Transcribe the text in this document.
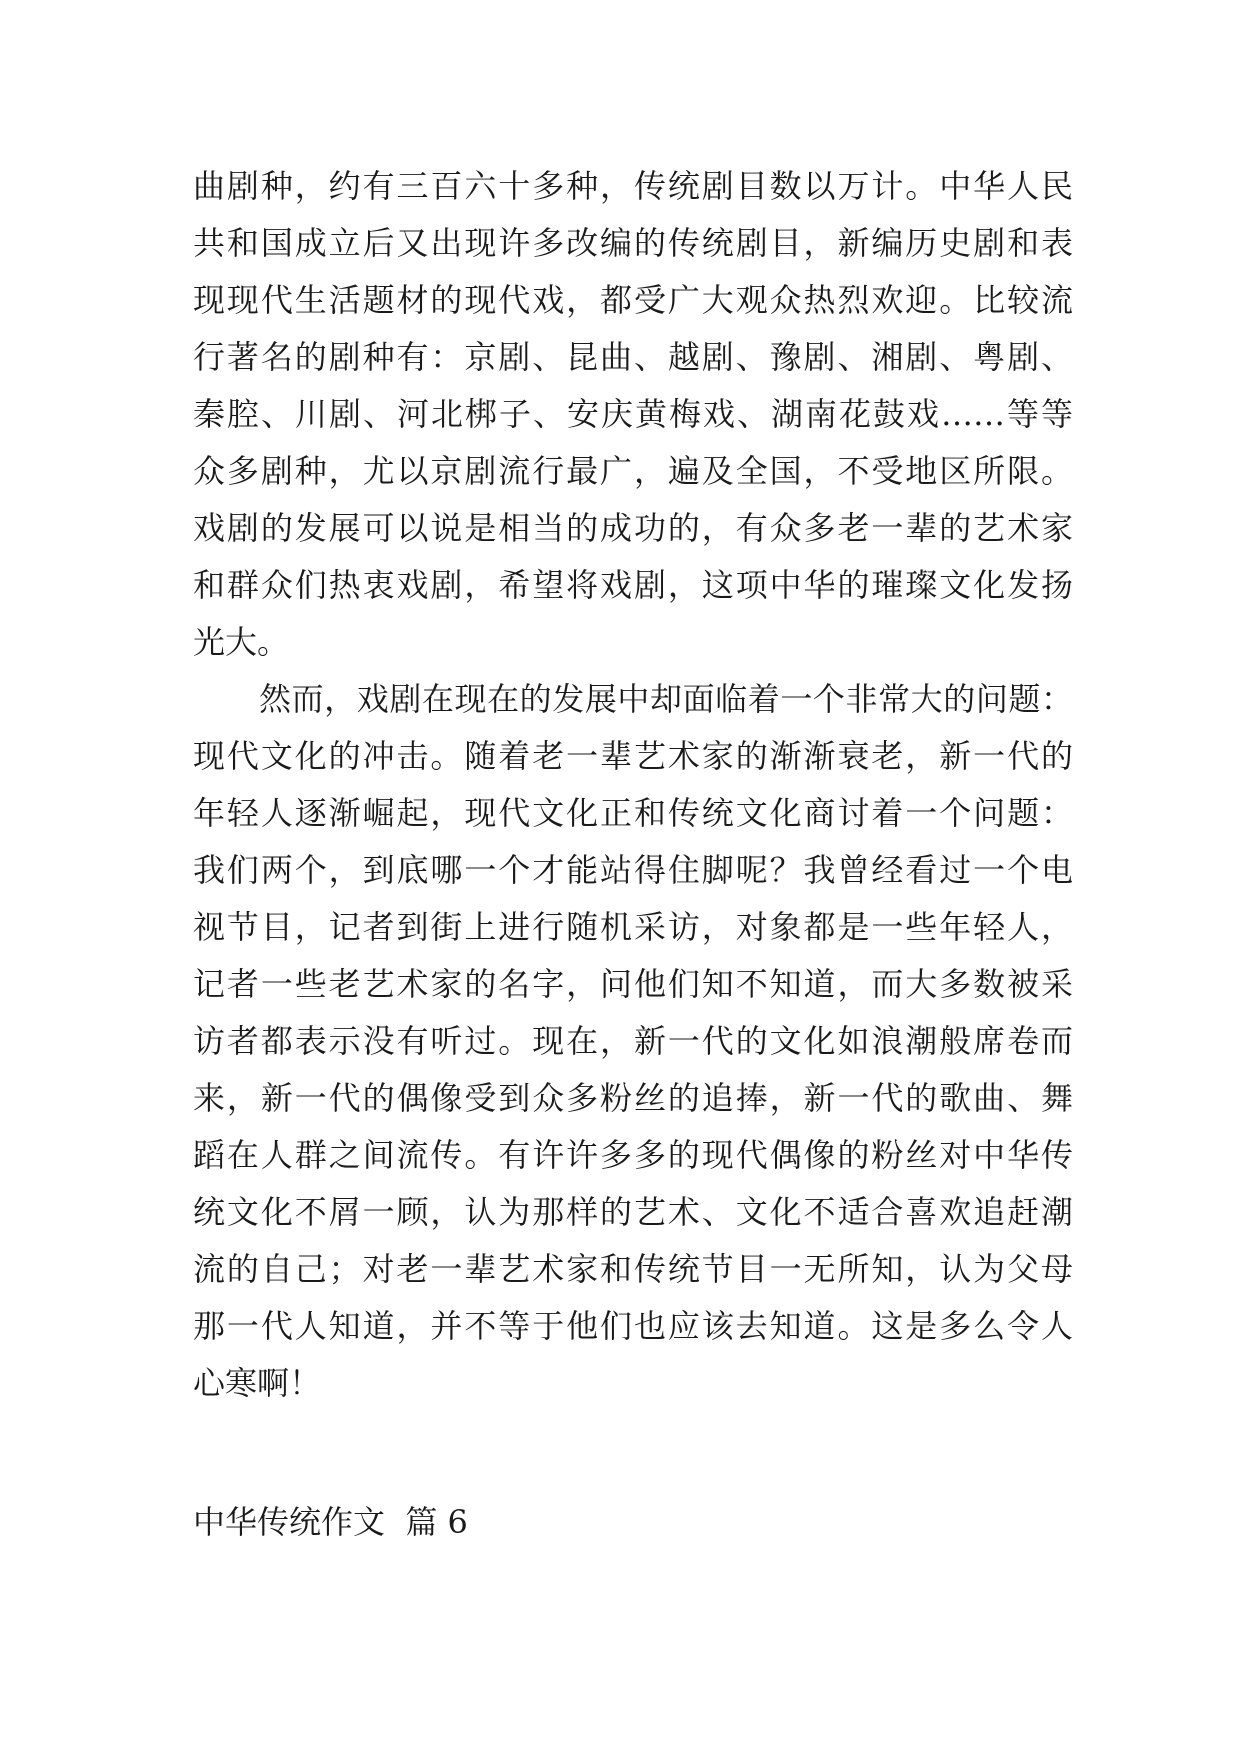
曲剧种，约有三百六十多种，传统剧目数以万计。中华人民
共和国成立后又出现许多改编的传统剧目，新编历史剧和表
现现代生活题材的现代戏，都受广大观众热烈欢迎。比较流
行著名的剧种有：京剧、昆曲、越剧、豫剧、湘剧、粤剧、
秦腔、川剧、河北梆子、安庆黄梅戏、湖南花鼓戏……等等
众多剧种，尤以京剧流行最广，遍及全国，不受地区所限。
戏剧的发展可以说是相当的成功的，有众多老一辈的艺术家
和群众们热衷戏剧，希望将戏剧，这项中华的璀璨文化发扬
光大。
然而，戏剧在现在的发展中却面临着一个非常大的问题：
现代文化的冲击。随着老一辈艺术家的渐渐衰老，新一代的
年轻人逐渐崛起，现代文化正和传统文化商讨着一个问题：
我们两个，到底哪一个才能站得住脚呢？我曾经看过一个电
视节目，记者到街上进行随机采访，对象都是一些年轻人，
记者一些老艺术家的名字，问他们知不知道，而大多数被采
访者都表示没有听过。现在，新一代的文化如浪潮般席卷而
来，新一代的偶像受到众多粉丝的追捧，新一代的歌曲、舞
蹈在人群之间流传。有许许多多的现代偶像的粉丝对中华传
统文化不屑一顾，认为那样的艺术、文化不适合喜欢追赶潮
流的自己；对老一辈艺术家和传统节目一无所知，认为父母
那一代人知道，并不等于他们也应该去知道。这是多么令人
心寒啊！
中华传统作文  篇 6
